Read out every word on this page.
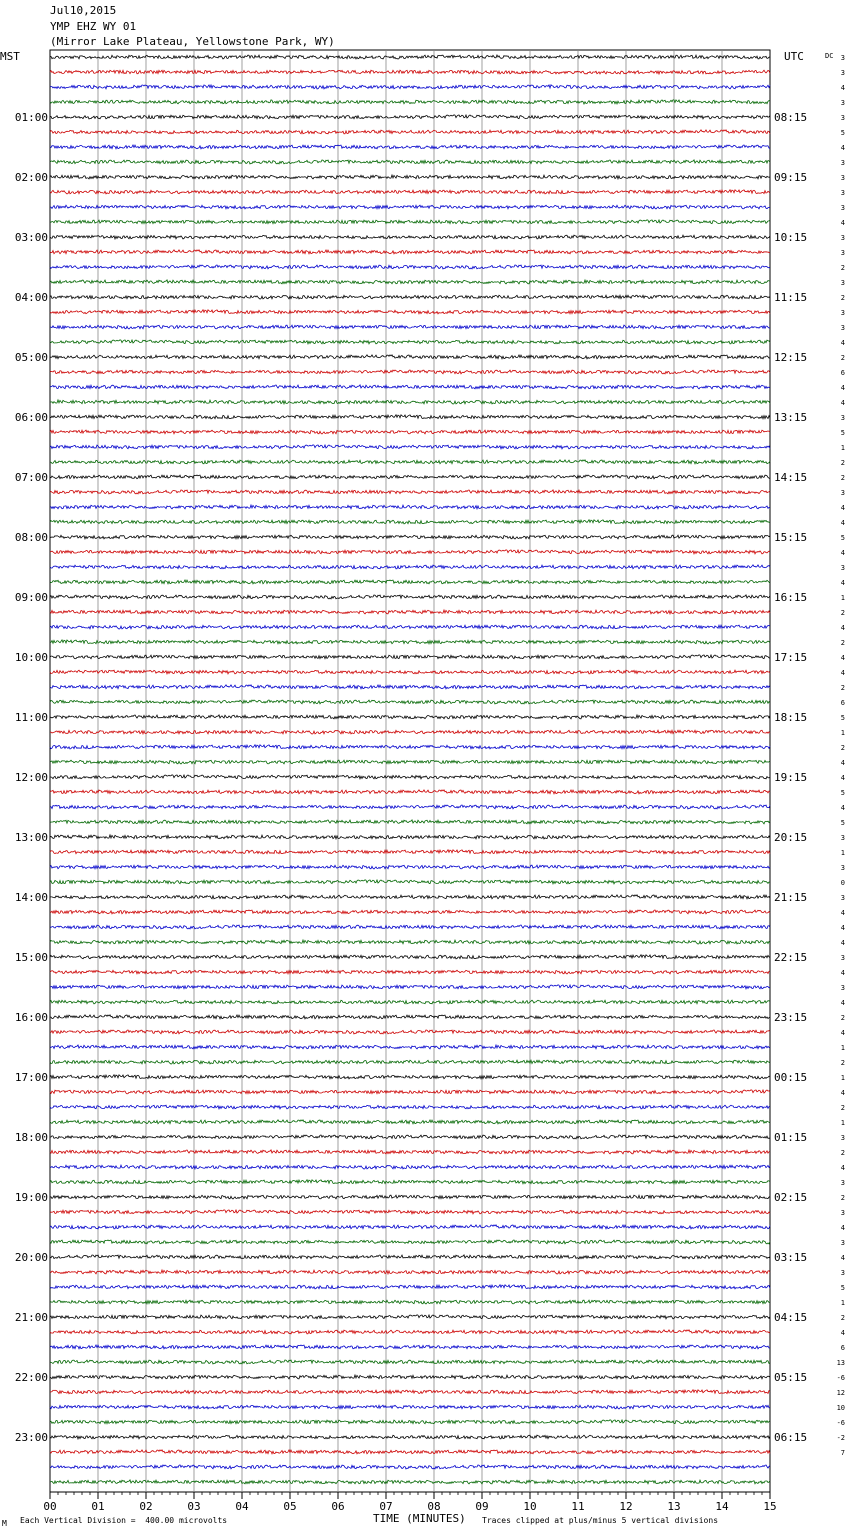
Jul10,2015
YMP EHZ WY 01
(Mirror Lake Plateau, Yellowstone Park, WY)
MST	UTC	DC
01:00	08:15
02:00	09:15
03:00	10:15
04:00	11:15
05:00	12:15
06:00	13:15
07:00	14:15
08:00	15:15
09:00	16:15
10:00	17:15
11:00	18:15
12:00	19:15
13:00	20:15
14:00	21:15
15:00	22:15
16:00	23:15
17:00	00:15
18:00	01:15
19:00	02:15
20:00	03:15
21:00	04:15
22:00	05:15
23:00	06:15
3
3
4
3
3
5
4
3
3
3
3
4
3
3
2
3
2
3
3
4
2
6
4
4
3
5
1
2
2
3
4
4
5
4
3
4
1
2
4
2
4
4
2
6
5
1
2
4
4
5
4
5
3
1
3
0
3
4
4
4
3
4
3
4
2
4
1
2
1
4
2
1
3
2
4
3
2
3
4
3
4
3
5
1
2
4
6
13
-6
12
10
-6
-2
7
00	01	02	03	04	05	06	07	08	09	10	11	12	13	14	15
M Each Vertical Division =  400.00 microvolts	TIME (MINUTES) Traces clipped at plus/minus 5 vertical divisions
